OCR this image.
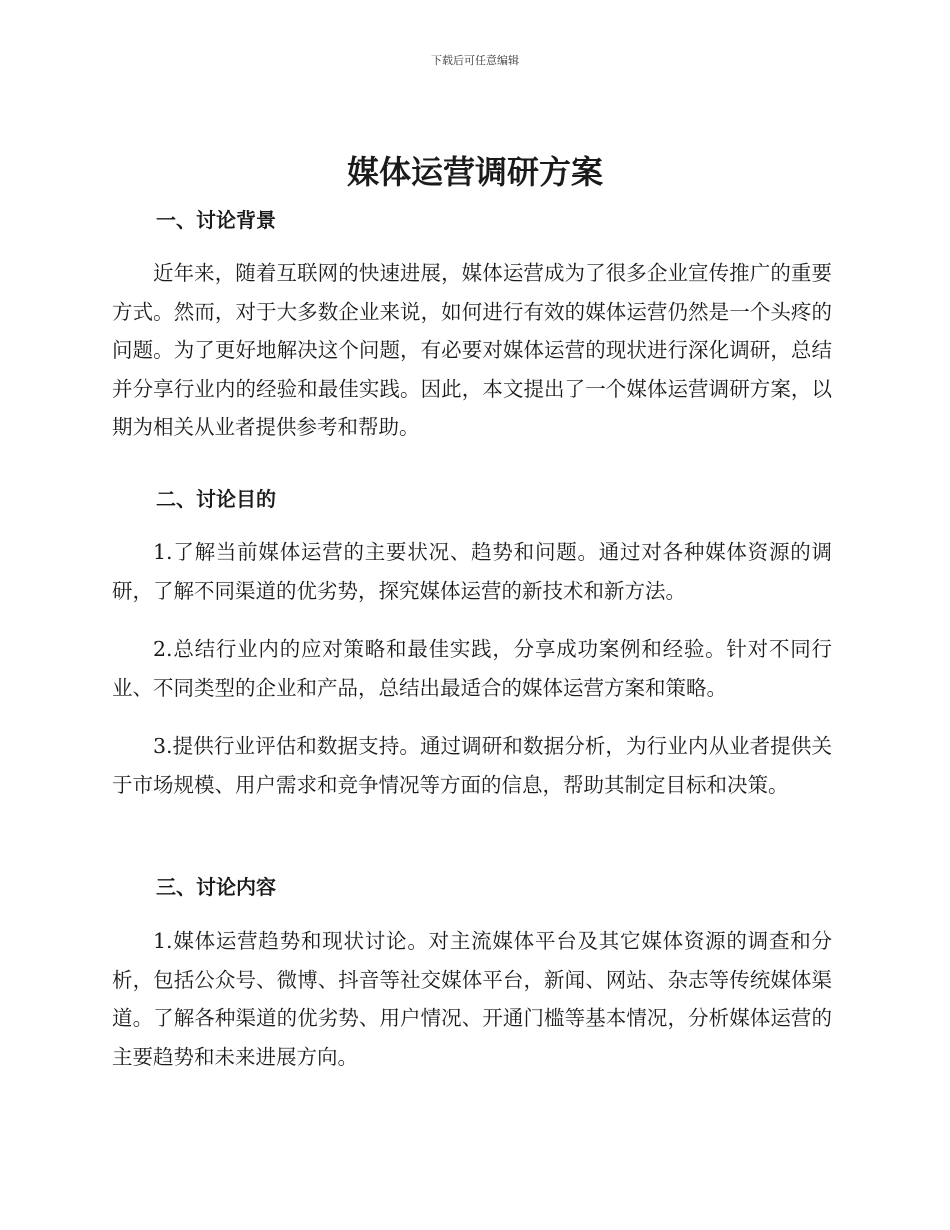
下载后可任意编辑
媒体运营调研方案
一、讨论背景

近年来，随着互联网的快速进展，媒体运营成为了很多企业宣传推广的重要方式。然而，对于大多数企业来说，如何进行有效的媒体运营仍然是一个头疼的问题。为了更好地解决这个问题，有必要对媒体运营的现状进行深化调研，总结并分享行业内的经验和最佳实践。因此，本文提出了一个媒体运营调研方案，以期为相关从业者提供参考和帮助。

二、讨论目的

1.了解当前媒体运营的主要状况、趋势和问题。通过对各种媒体资源的调研，了解不同渠道的优劣势，探究媒体运营的新技术和新方法。

2.总结行业内的应对策略和最佳实践，分享成功案例和经验。针对不同行业、不同类型的企业和产品，总结出最适合的媒体运营方案和策略。

3.提供行业评估和数据支持。通过调研和数据分析，为行业内从业者提供关于市场规模、用户需求和竞争情况等方面的信息，帮助其制定目标和决策。

三、讨论内容

1.媒体运营趋势和现状讨论。对主流媒体平台及其它媒体资源的调查和分析，包括公众号、微博、抖音等社交媒体平台，新闻、网站、杂志等传统媒体渠道。了解各种渠道的优劣势、用户情况、开通门槛等基本情况，分析媒体运营的主要趋势和未来进展方向。
